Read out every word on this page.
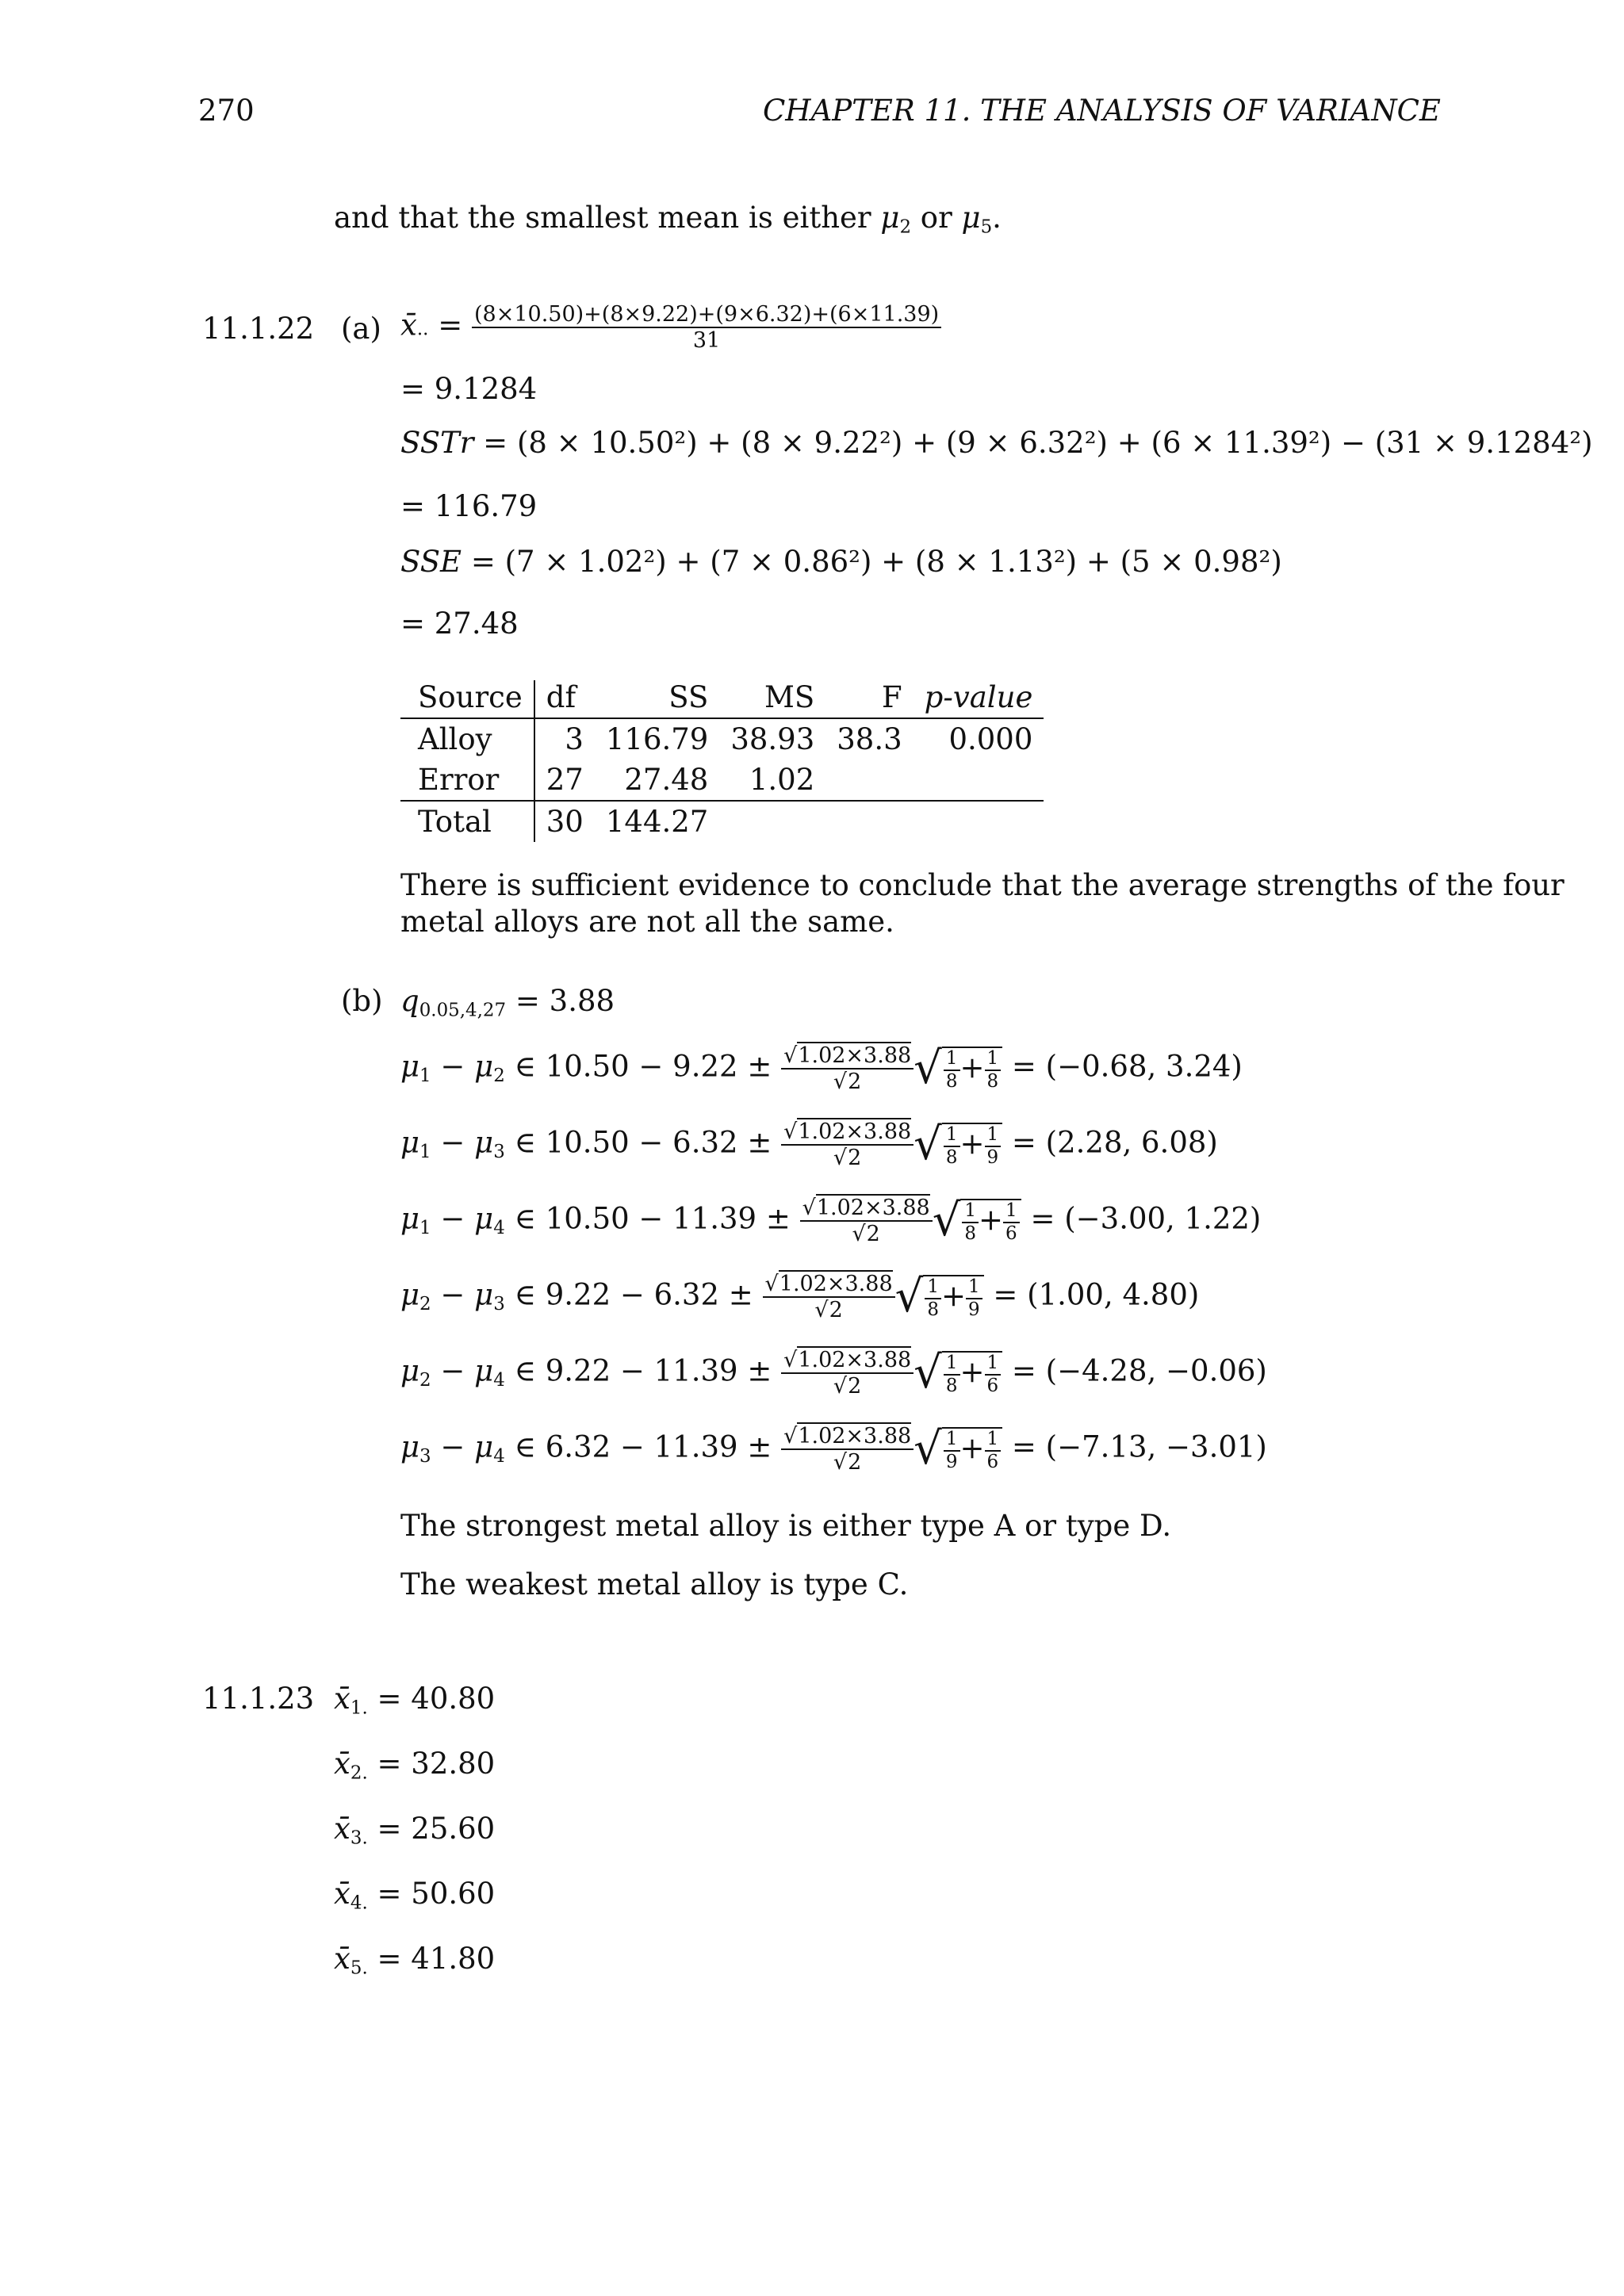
270	CHAPTER 11. THE ANALYSIS OF VARIANCE
and that the smallest mean is either $\mu_2$ or $\mu_5$.
11.1.22 (a) $x̄_{\cdot\cdot} = \frac{(8\times 10.50)+(8\times 9.22)+(9\times 6.32)+(6\times 11.39)}{31}$
= 9.1284
SSTr = (8 × 10.50²) + (8 × 9.22²) + (9 × 6.32²) + (6 × 11.39²) − (31 × 9.1284²)
= 116.79
SSE = (7 × 1.02²) + (7 × 0.86²) + (8 × 1.13²) + (5 × 0.98²)
= 27.48
Source	df	SS	MS	F	p-value
Alloy	3	116.79	38.93	38.3	0.000
Error	27	27.48	1.02		
Total	30	144.27			
There is sufficient evidence to conclude that the average strengths of the four
metal alloys are not all the same.
(b) $q_{0.05,4,27} = 3.88$
$\mu_1 - \mu_2$ ∈ $10.50 - 9.22 \pm \frac{√1.02\times 3.88}{√2}$ √ $\frac{1}{8} + \frac{1}{8} = (-0.68$, 3.24)
$\mu_1 - \mu_3$ ∈ $10.50 - 6.32 \pm \frac{√1.02\times 3.88}{√2}$ √ $\frac{1}{8} + \frac{1}{9} = (2.28$, 6.08)
$\mu_1 - \mu_4$ ∈ $10.50 - 11.39 \pm \frac{√1.02\times 3.88}{√2}$ √ $\frac{1}{8} + \frac{1}{6} = (-3.00$, 1.22)
$\mu_2 - \mu_3$ ∈ $9.22 - 6.32 \pm \frac{√1.02\times 3.88}{√2}$ √ $\frac{1}{8} + \frac{1}{9} = (1.00$, 4.80)
$\mu_2 - \mu_4$ ∈ $9.22 - 11.39 \pm \frac{√1.02\times 3.88}{√2}$ √ $\frac{1}{8} + \frac{1}{6} = (-4.28$, −0.06)
$\mu_3 - \mu_4$ ∈ $6.32 - 11.39 \pm \frac{√1.02\times 3.88}{√2}$ √ $\frac{1}{9} + \frac{1}{6} = (-7.13$, −3.01)
The strongest metal alloy is either type A or type D.
The weakest metal alloy is type C.
11.1.23 $x̄_{1.} = 40.80$
$x̄_{2.} = 32.80$
$x̄_{3.} = 25.60$
$x̄_{4.} = 50.60$
$x̄_{5.} = 41.80$
